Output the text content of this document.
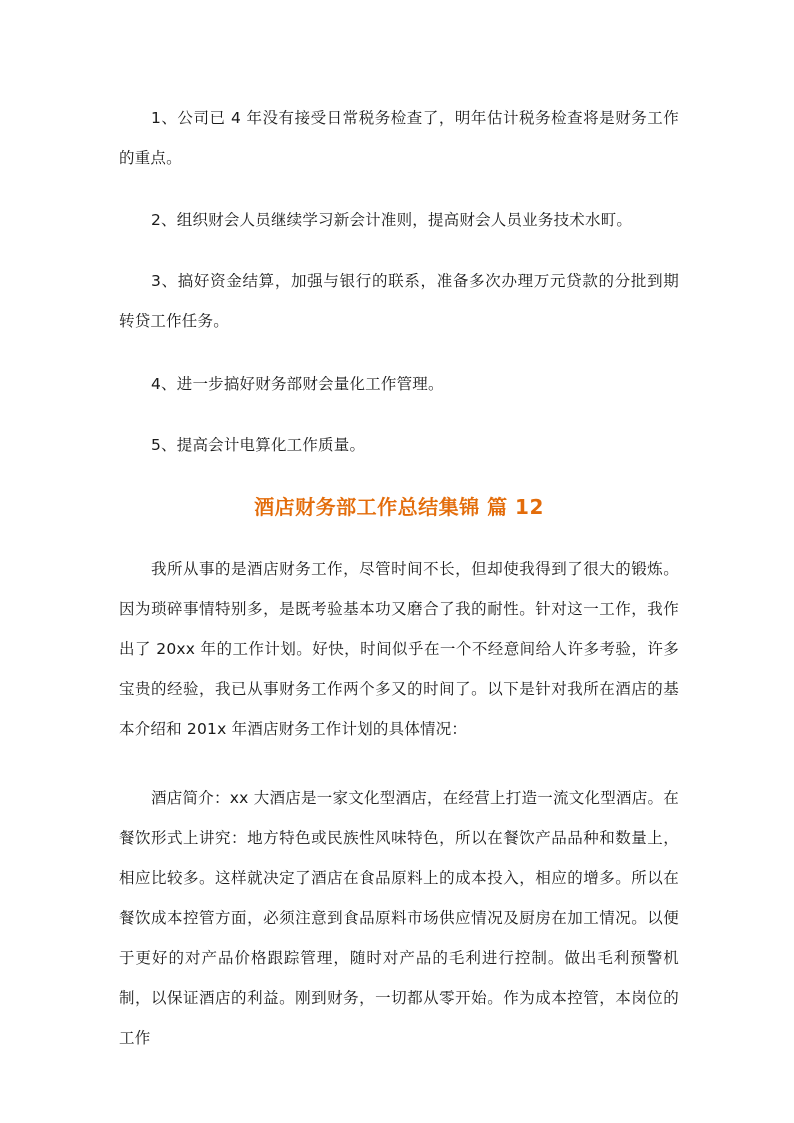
1、公司已 4 年没有接受日常税务检查了，明年估计税务检查将是财务工作的重点。

2、组织财会人员继续学习新会计准则，提高财会人员业务技术水町。

3、搞好资金结算，加强与银行的联系，准备多次办理万元贷款的分批到期转贷工作任务。

4、进一步搞好财务部财会量化工作管理。

5、提高会计电算化工作质量。

酒店财务部工作总结集锦 篇 12

我所从事的是酒店财务工作，尽管时间不长，但却使我得到了很大的锻炼。因为琐碎事情特别多，是既考验基本功又磨合了我的耐性。针对这一工作，我作出了 20xx 年的工作计划。好快，时间似乎在一个不经意间给人许多考验，许多宝贵的经验，我已从事财务工作两个多又的时间了。以下是针对我所在酒店的基本介绍和 201x 年酒店财务工作计划的具体情况：

酒店简介：xx 大酒店是一家文化型酒店，在经营上打造一流文化型酒店。在餐饮形式上讲究：地方特色或民族性风味特色，所以在餐饮产品品种和数量上，相应比较多。这样就决定了酒店在食品原料上的成本投入，相应的增多。所以在餐饮成本控管方面，必须注意到食品原料市场供应情况及厨房在加工情况。以便于更好的对产品价格跟踪管理，随时对产品的毛利进行控制。做出毛利预警机制，以保证酒店的利益。刚到财务，一切都从零开始。作为成本控管，本岗位的工作
